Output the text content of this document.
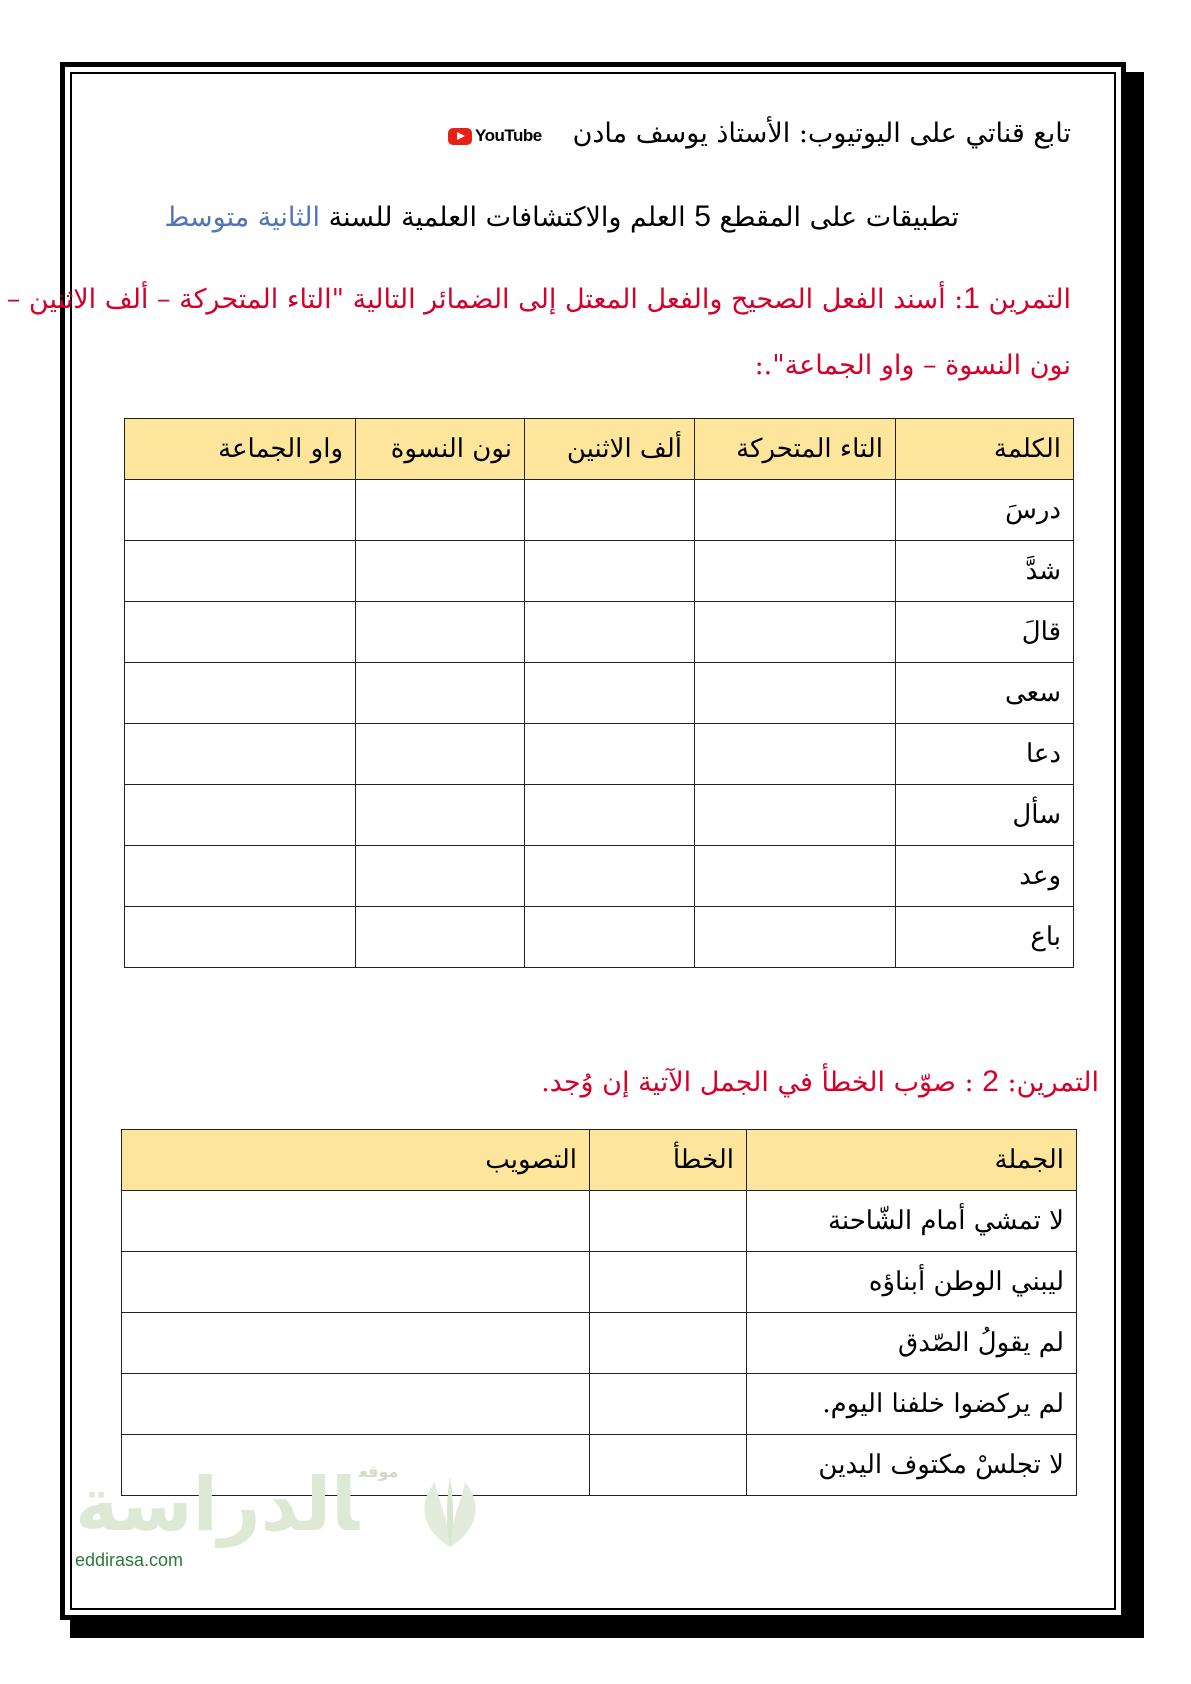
تابع قناتي على اليوتيوب: الأستاذ يوسف مادن
YouTube
تطبيقات على المقطع 5 العلم والاكتشافات العلمية للسنة الثانية متوسط
التمرين 1: أسند الفعل الصحيح والفعل المعتل إلى الضمائر التالية "التاء المتحركة – ألف الاثنين –
نون النسوة – واو الجماعة".:
الكلمة	التاء المتحركة	ألف الاثنين	نون النسوة	واو الجماعة
درسَ				
شدَّ				
قالَ				
سعى				
دعا				
سأل				
وعد				
باع				
التمرين: 2 : صوّب الخطأ في الجمل الآتية إن وُجد.
الجملة	الخطأ	التصويب
لا تمشي أمام الشّاحنة		
ليبني الوطن أبناؤه		
لم يقولُ الصّدق		
لم يركضوا خلفنا اليوم.		
لا تجلسْ مكتوف اليدين		
$^{موقع}$الدراسة
eddirasa.com
